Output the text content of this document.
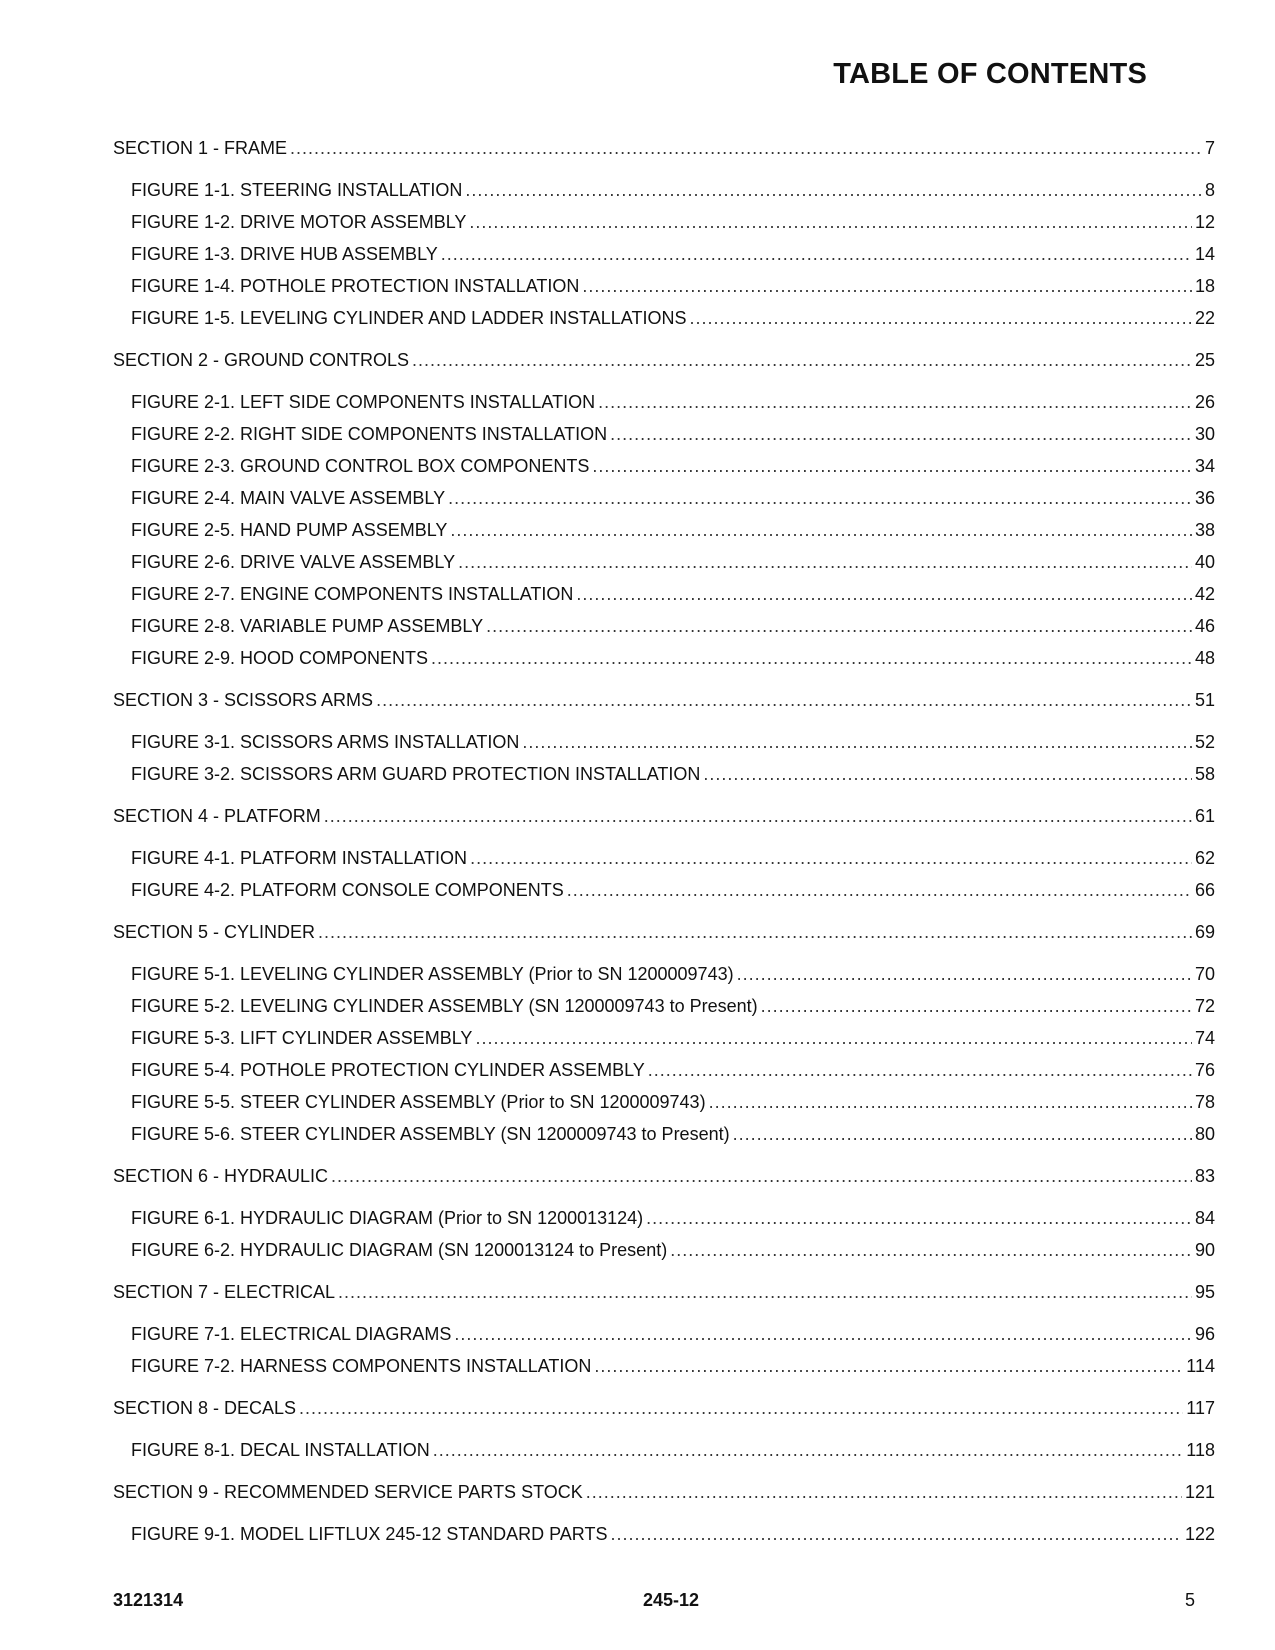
TABLE OF CONTENTS
SECTION 1 - FRAME .....	7
FIGURE 1-1. STEERING INSTALLATION .....	8
FIGURE 1-2. DRIVE MOTOR ASSEMBLY .....	12
FIGURE 1-3. DRIVE HUB ASSEMBLY .....	14
FIGURE 1-4. POTHOLE PROTECTION INSTALLATION .....	18
FIGURE 1-5. LEVELING CYLINDER AND LADDER INSTALLATIONS .....	22
SECTION 2 - GROUND CONTROLS .....	25
FIGURE 2-1. LEFT SIDE COMPONENTS INSTALLATION .....	26
FIGURE 2-2. RIGHT SIDE COMPONENTS INSTALLATION .....	30
FIGURE 2-3. GROUND CONTROL BOX COMPONENTS .....	34
FIGURE 2-4. MAIN VALVE ASSEMBLY .....	36
FIGURE 2-5. HAND PUMP ASSEMBLY .....	38
FIGURE 2-6. DRIVE VALVE ASSEMBLY .....	40
FIGURE 2-7. ENGINE COMPONENTS INSTALLATION .....	42
FIGURE 2-8. VARIABLE PUMP ASSEMBLY .....	46
FIGURE 2-9. HOOD COMPONENTS .....	48
SECTION 3 - SCISSORS ARMS .....	51
FIGURE 3-1. SCISSORS ARMS INSTALLATION .....	52
FIGURE 3-2. SCISSORS ARM GUARD PROTECTION INSTALLATION .....	58
SECTION 4 - PLATFORM .....	61
FIGURE 4-1. PLATFORM INSTALLATION .....	62
FIGURE 4-2. PLATFORM CONSOLE COMPONENTS .....	66
SECTION 5 - CYLINDER .....	69
FIGURE 5-1. LEVELING CYLINDER ASSEMBLY (Prior to SN 1200009743) .....	70
FIGURE 5-2. LEVELING CYLINDER ASSEMBLY (SN 1200009743 to Present) .....	72
FIGURE 5-3. LIFT CYLINDER ASSEMBLY .....	74
FIGURE 5-4. POTHOLE PROTECTION CYLINDER ASSEMBLY .....	76
FIGURE 5-5. STEER CYLINDER ASSEMBLY (Prior to SN 1200009743) .....	78
FIGURE 5-6. STEER CYLINDER ASSEMBLY (SN 1200009743 to Present) .....	80
SECTION 6 - HYDRAULIC .....	83
FIGURE 6-1. HYDRAULIC DIAGRAM (Prior to SN 1200013124) .....	84
FIGURE 6-2. HYDRAULIC DIAGRAM (SN 1200013124 to Present) .....	90
SECTION 7 - ELECTRICAL .....	95
FIGURE 7-1. ELECTRICAL DIAGRAMS .....	96
FIGURE 7-2. HARNESS COMPONENTS INSTALLATION .....	114
SECTION 8 - DECALS .....	117
FIGURE 8-1. DECAL INSTALLATION .....	118
SECTION 9 - RECOMMENDED SERVICE PARTS STOCK .....	121
FIGURE 9-1. MODEL LIFTLUX 245-12 STANDARD PARTS .....	122
3121314	245-12	5
